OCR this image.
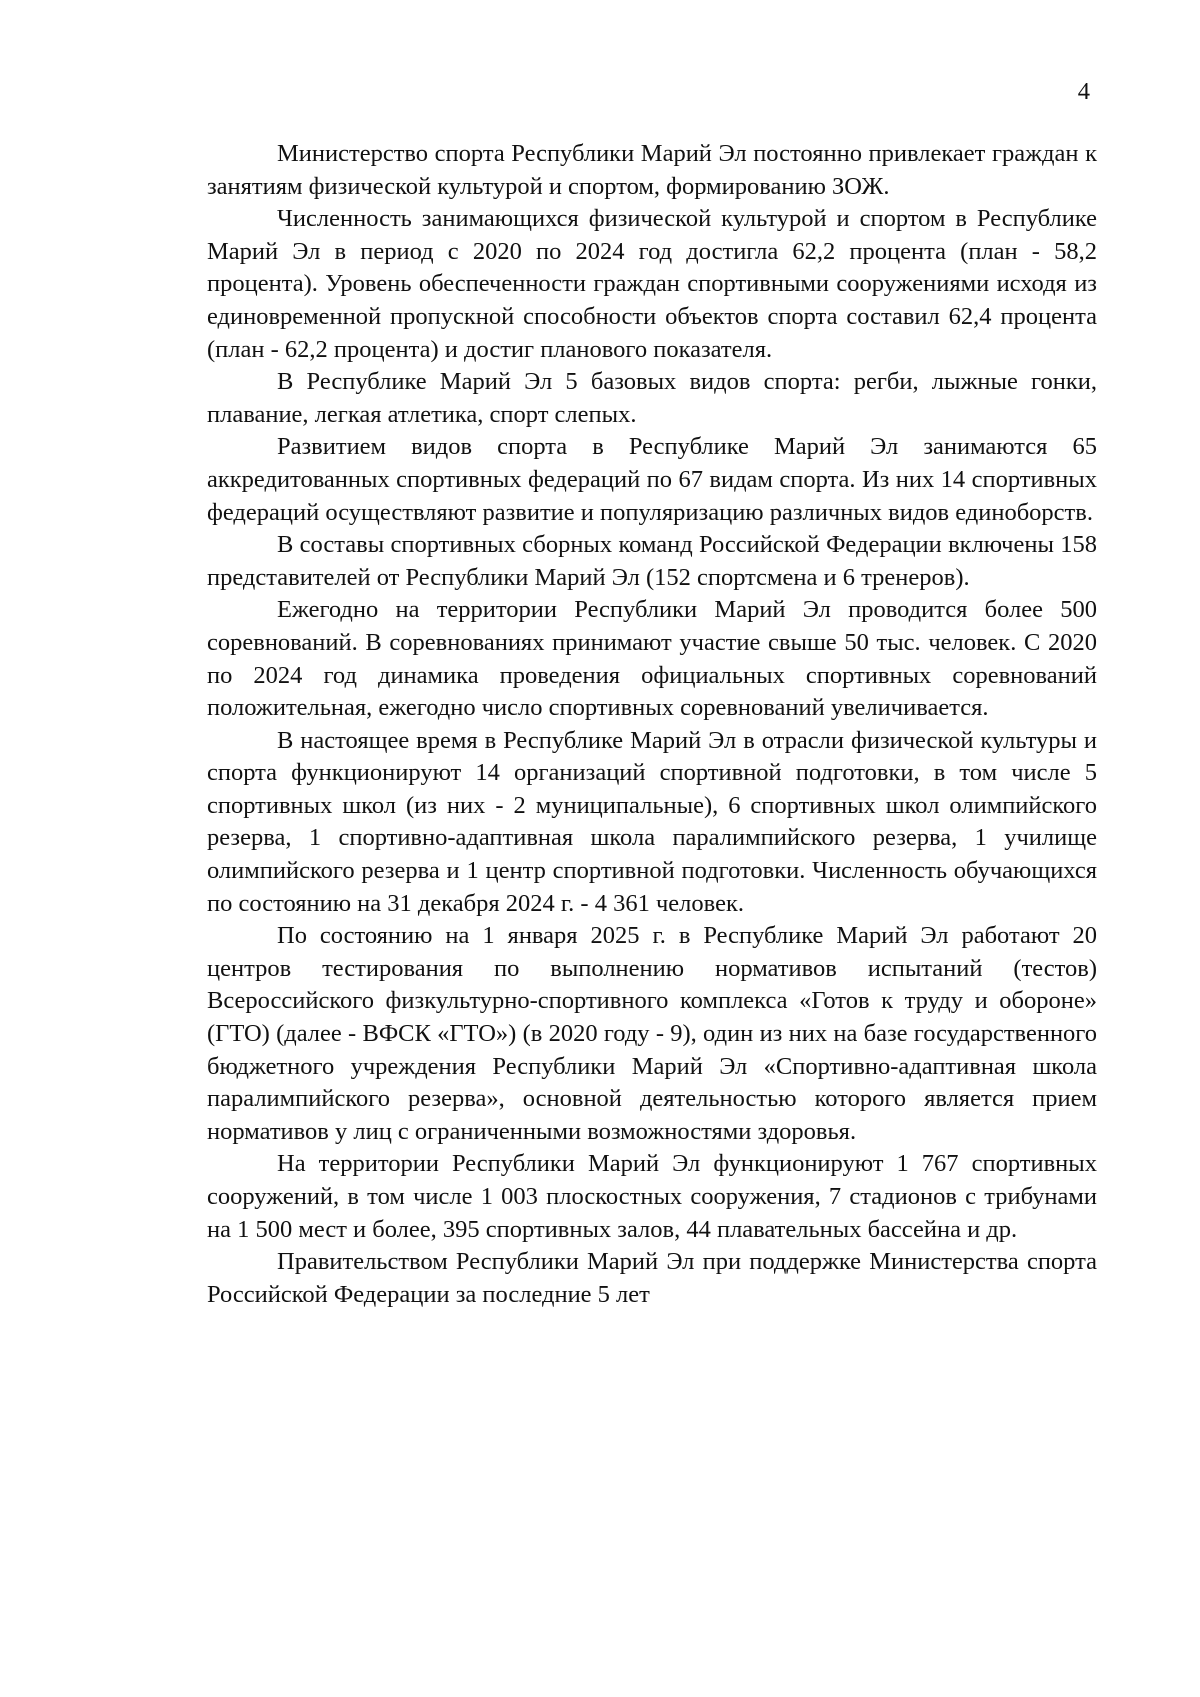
4

Министерство спорта Республики Марий Эл постоянно привлекает граждан к занятиям физической культурой и спортом, формированию ЗОЖ.

Численность занимающихся физической культурой и спортом в Республике Марий Эл в период с 2020 по 2024 год достигла 62,2 процента (план - 58,2 процента). Уровень обеспеченности граждан спортивными сооружениями исходя из единовременной пропускной способности объектов спорта составил 62,4 процента (план - 62,2 процента) и достиг планового показателя.

В Республике Марий Эл 5 базовых видов спорта: регби, лыжные гонки, плавание, легкая атлетика, спорт слепых.

Развитием видов спорта в Республике Марий Эл занимаются 65 аккредитованных спортивных федераций по 67 видам спорта. Из них 14 спортивных федераций осуществляют развитие и популяризацию различных видов единоборств.

В составы спортивных сборных команд Российской Федерации включены 158 представителей от Республики Марий Эл (152 спортсмена и 6 тренеров).

Ежегодно на территории Республики Марий Эл проводится более 500 соревнований. В соревнованиях принимают участие свыше 50 тыс. человек. С 2020 по 2024 год динамика проведения официальных спортивных соревнований положительная, ежегодно число спортивных соревнований увеличивается.

В настоящее время в Республике Марий Эл в отрасли физической культуры и спорта функционируют 14 организаций спортивной подготовки, в том числе 5 спортивных школ (из них - 2 муниципальные), 6 спортивных школ олимпийского резерва, 1 спортивно-адаптивная школа паралимпийского резерва, 1 училище олимпийского резерва и 1 центр спортивной подготовки. Численность обучающихся по состоянию на 31 декабря 2024 г. - 4 361 человек.

По состоянию на 1 января 2025 г. в Республике Марий Эл работают 20 центров тестирования по выполнению нормативов испытаний (тестов) Всероссийского физкультурно-спортивного комплекса «Готов к труду и обороне» (ГТО) (далее - ВФСК «ГТО») (в 2020 году - 9), один из них на базе государственного бюджетного учреждения Республики Марий Эл «Спортивно-адаптивная школа паралимпийского резерва», основной деятельностью которого является прием нормативов у лиц с ограниченными возможностями здоровья.

На территории Республики Марий Эл функционируют 1 767 спортивных сооружений, в том числе 1 003 плоскостных сооружения, 7 стадионов с трибунами на 1 500 мест и более, 395 спортивных залов, 44 плавательных бассейна и др.

Правительством Республики Марий Эл при поддержке Министерства спорта Российской Федерации за последние 5 лет
